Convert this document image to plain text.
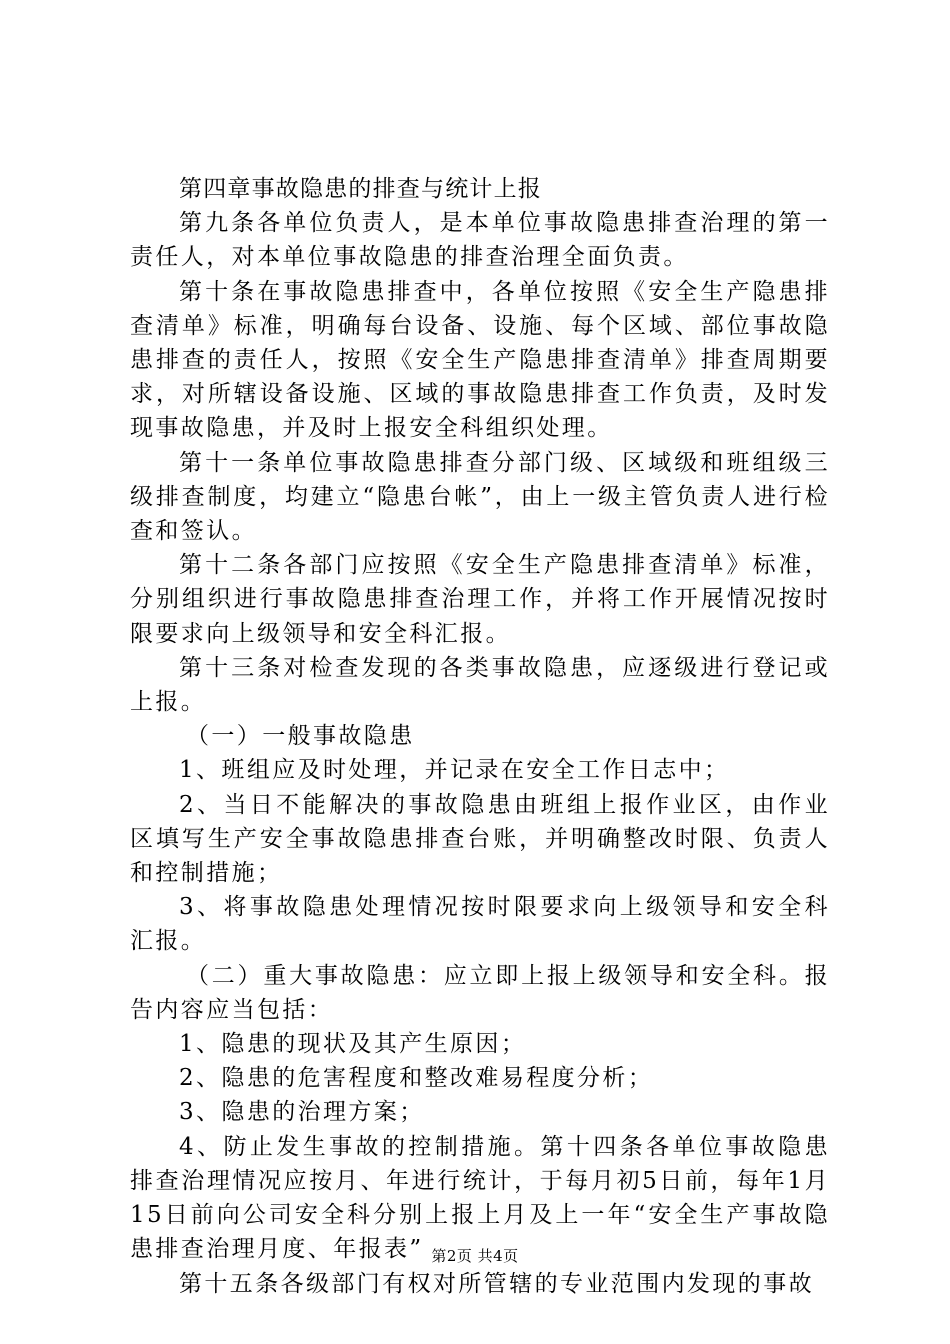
第四章事故隐患的排查与统计上报

第九条各单位负责人，是本单位事故隐患排查治理的第一责任人，对本单位事故隐患的排查治理全面负责。

第十条在事故隐患排查中，各单位按照《安全生产隐患排查清单》标准，明确每台设备、设施、每个区域、部位事故隐患排查的责任人，按照《安全生产隐患排查清单》排查周期要求，对所辖设备设施、区域的事故隐患排查工作负责，及时发现事故隐患，并及时上报安全科组织处理。

第十一条单位事故隐患排查分部门级、区域级和班组级三级排查制度，均建立“隐患台帐”，由上一级主管负责人进行检查和签认。

第十二条各部门应按照《安全生产隐患排查清单》标准，分别组织进行事故隐患排查治理工作，并将工作开展情况按时限要求向上级领导和安全科汇报。

第十三条对检查发现的各类事故隐患，应逐级进行登记或上报。

（一）一般事故隐患

1、班组应及时处理，并记录在安全工作日志中；

2、当日不能解决的事故隐患由班组上报作业区，由作业区填写生产安全事故隐患排查台账，并明确整改时限、负责人和控制措施；

3、将事故隐患处理情况按时限要求向上级领导和安全科汇报。

（二）重大事故隐患：应立即上报上级领导和安全科。报告内容应当包括：

1、隐患的现状及其产生原因；

2、隐患的危害程度和整改难易程度分析；

3、隐患的治理方案；

4、防止发生事故的控制措施。第十四条各单位事故隐患排查治理情况应按月、年进行统计，于每月初5日前，每年1月15日前向公司安全科分别上报上月及上一年“安全生产事故隐患排查治理月度、年报表”

第十五条各级部门有权对所管辖的专业范围内发现的事故

第2页 共4页
